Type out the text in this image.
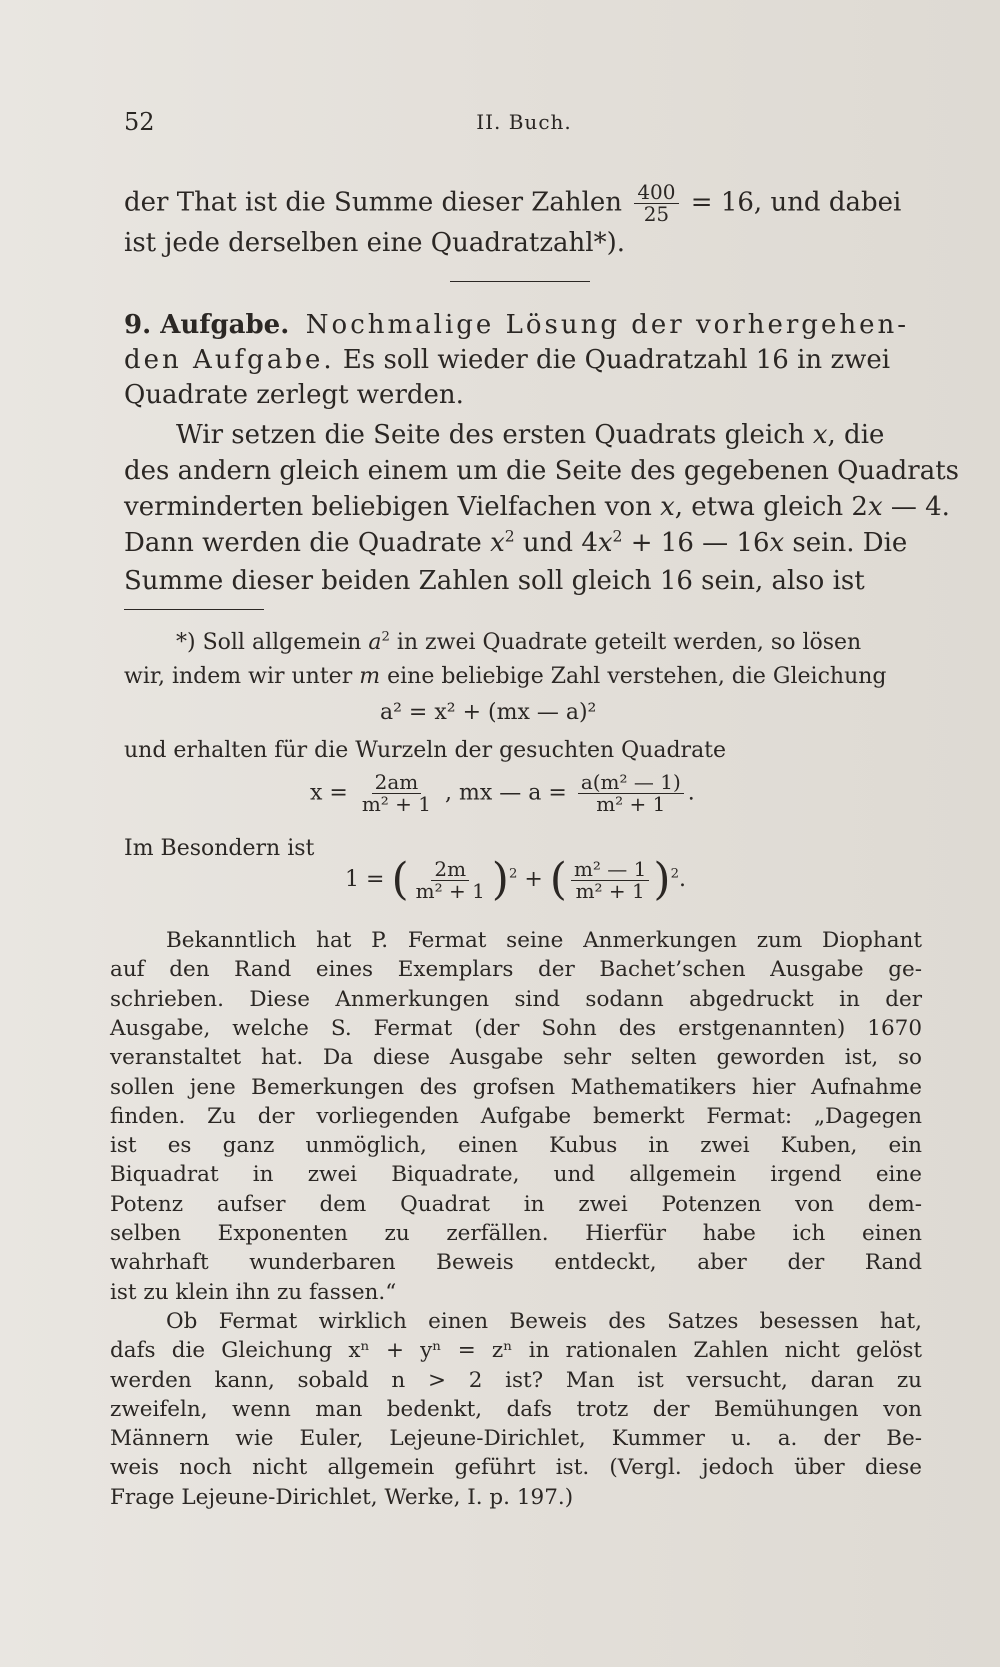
52	II. Buch.
der That ist die Summe dieser Zahlen $\frac{400}{25} = 16$, und dabei
ist jede derselben eine Quadratzahl*).
9. Aufgabe. Nochmalige Lösung der vorhergehen-
den Aufgabe. Es soll wieder die Quadratzahl 16 in zwei
Quadrate zerlegt werden.
Wir setzen die Seite des ersten Quadrats gleich x, die
des andern gleich einem um die Seite des gegebenen Quadrats
verminderten beliebigen Vielfachen von x, etwa gleich 2x — 4.
Dann werden die Quadrate $x^2$ und $4x^2 + 16$ — 16x sein. Die
Summe dieser beiden Zahlen soll gleich 16 sein, also ist
*) Soll allgemein $a^2$ in zwei Quadrate geteilt werden, so lösen
wir, indem wir unter m eine beliebige Zahl verstehen, die Gleichung
a² = x² + (mx — a)²
und erhalten für die Wurzeln der gesuchten Quadrate
$x = \frac{2am}{\text{m² + 1}}$ , mx — $a = \frac{\text{a(m² — 1)}}{\text{m² + 1}}$ .
Im Besondern ist
1 = ( $\frac{2m}{\text{m² + 1}} )^2$ + ( $\frac{\text{m² — 1}}{\text{m² + 1}} )^2$.
Bekanntlich hat P. Fermat seine Anmerkungen zum Diophant
auf den Rand eines Exemplars der Bachet’schen Ausgabe ge-
schrieben. Diese Anmerkungen sind sodann abgedruckt in der
Ausgabe, welche S. Fermat (der Sohn des erstgenannten) 1670
veranstaltet hat. Da diese Ausgabe sehr selten geworden ist, so
sollen jene Bemerkungen des grofsen Mathematikers hier Aufnahme
finden. Zu der vorliegenden Aufgabe bemerkt Fermat: „Dagegen
ist es ganz unmöglich, einen Kubus in zwei Kuben, ein
Biquadrat in zwei Biquadrate, und allgemein irgend eine
Potenz aufser dem Quadrat in zwei Potenzen von dem-
selben Exponenten zu zerfällen. Hierfür habe ich einen
wahrhaft wunderbaren Beweis entdeckt, aber der Rand
ist zu klein ihn zu fassen.“
Ob Fermat wirklich einen Beweis des Satzes besessen hat,
dafs die Gleichung xⁿ + yⁿ = zⁿ in rationalen Zahlen nicht gelöst
werden kann, sobald n > 2 ist? Man ist versucht, daran zu
zweifeln, wenn man bedenkt, dafs trotz der Bemühungen von
Männern wie Euler, Lejeune-Dirichlet, Kummer u. a. der Be-
weis noch nicht allgemein geführt ist. (Vergl. jedoch über diese
Frage Lejeune-Dirichlet, Werke, I. p. 197.)
